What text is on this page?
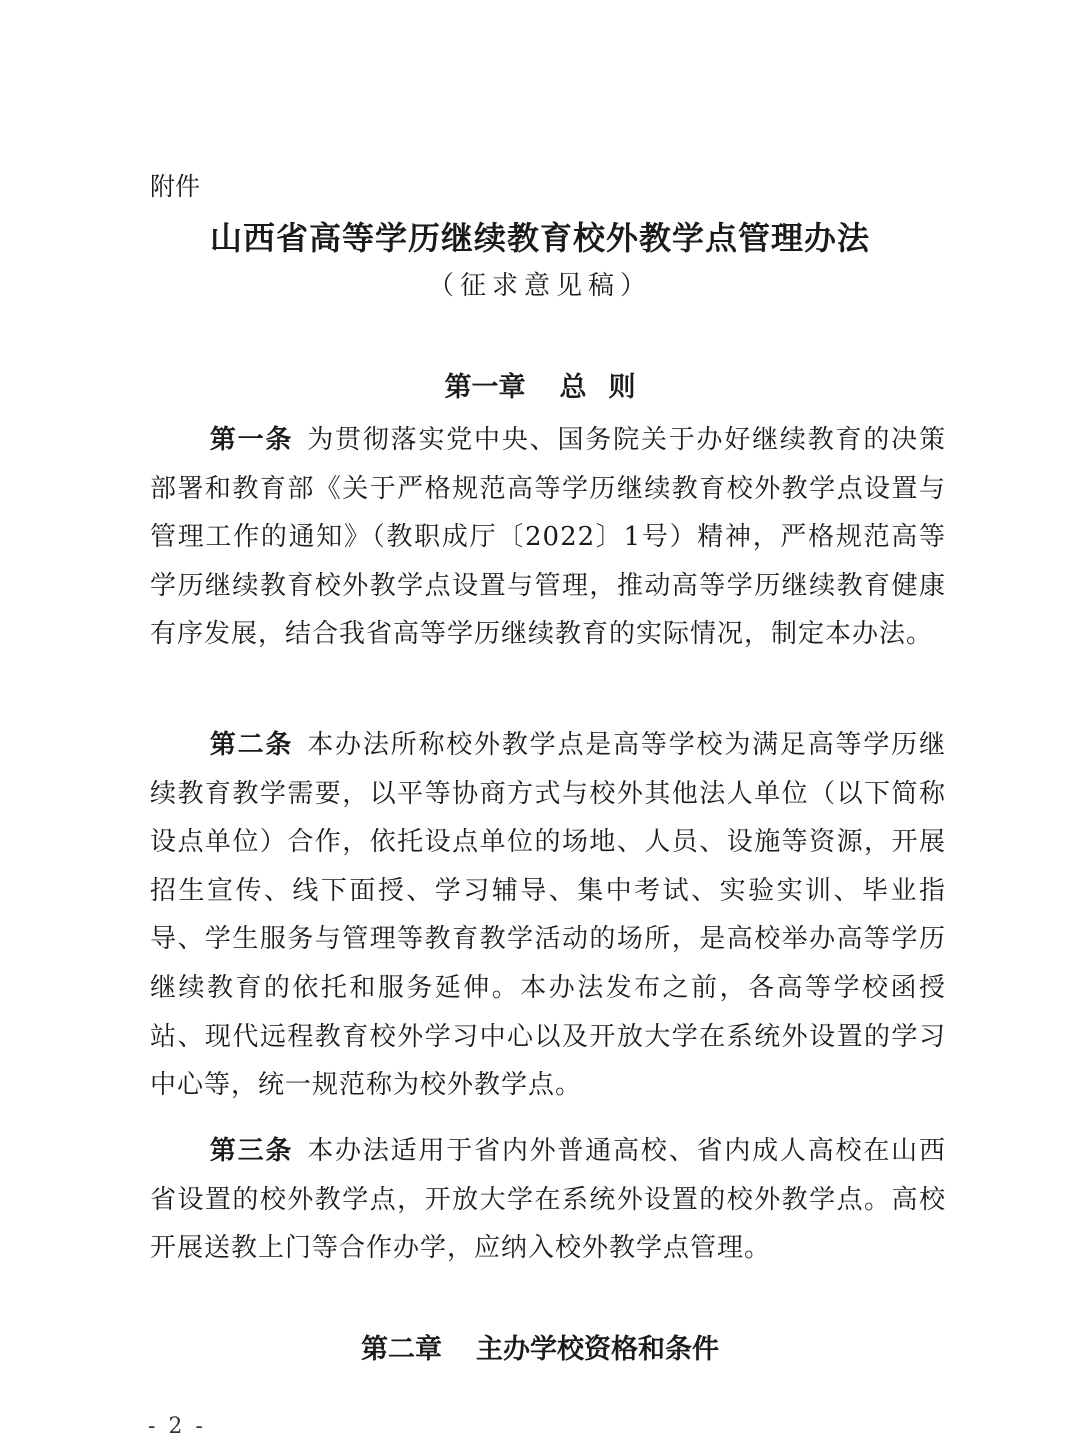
附件
山西省高等学历继续教育校外教学点管理办法
（征求意见稿）
第一章 总 则

第一条 为贯彻落实党中央、国务院关于办好继续教育的决策部署和教育部《关于严格规范高等学历继续教育校外教学点设置与管理工作的通知》（教职成厅〔2022〕1号）精神，严格规范高等学历继续教育校外教学点设置与管理，推动高等学历继续教育健康有序发展，结合我省高等学历继续教育的实际情况，制定本办法。

第二条 本办法所称校外教学点是高等学校为满足高等学历继续教育教学需要，以平等协商方式与校外其他法人单位（以下简称设点单位）合作，依托设点单位的场地、人员、设施等资源，开展招生宣传、线下面授、学习辅导、集中考试、实验实训、毕业指导、学生服务与管理等教育教学活动的场所，是高校举办高等学历继续教育的依托和服务延伸。本办法发布之前，各高等学校函授站、现代远程教育校外学习中心以及开放大学在系统外设置的学习中心等，统一规范称为校外教学点。

第三条 本办法适用于省内外普通高校、省内成人高校在山西省设置的校外教学点，开放大学在系统外设置的校外教学点。高校开展送教上门等合作办学，应纳入校外教学点管理。

第二章 主办学校资格和条件
- 2 -
